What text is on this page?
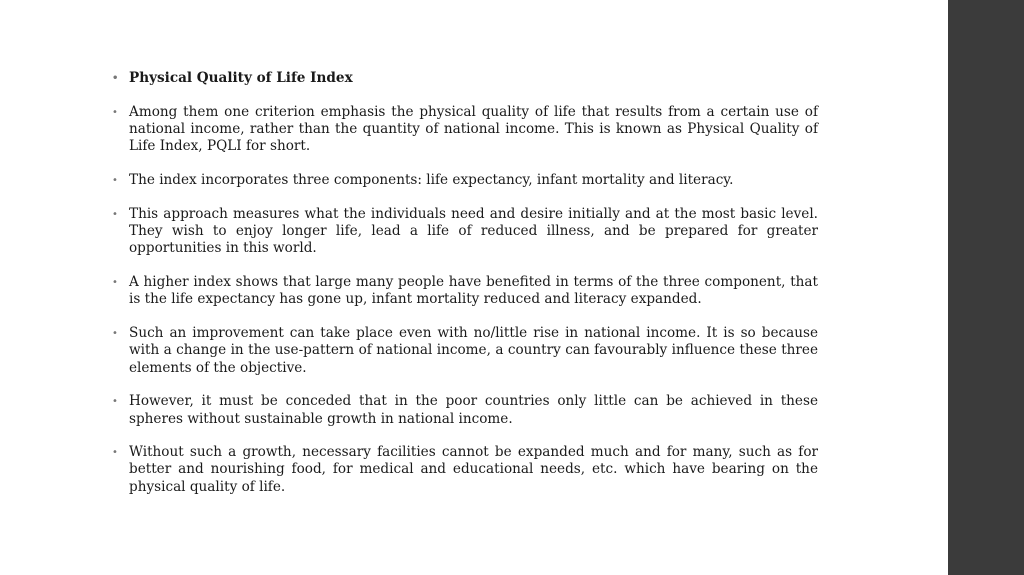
• Physical Quality of Life Index
• Among them one criterion emphasis the physical quality of life that results from a certain use of national income, rather than the quantity of national income. This is known as Physical Quality of Life Index, PQLI for short.
• The index incorporates three components: life expectancy, infant mortality and literacy.
• This approach measures what the individuals need and desire initially and at the most basic level. They wish to enjoy longer life, lead a life of reduced illness, and be prepared for greater opportunities in this world.
• A higher index shows that large many people have benefited in terms of the three component, that is the life expectancy has gone up, infant mortality reduced and literacy expanded.
• Such an improvement can take place even with no/little rise in national income. It is so because with a change in the use-pattern of national income, a country can favourably influence these three elements of the objective.
• However, it must be conceded that in the poor countries only little can be achieved in these spheres without sustainable growth in national income.
• Without such a growth, necessary facilities cannot be expanded much and for many, such as for better and nourishing food, for medical and educational needs, etc. which have bearing on the physical quality of life.
